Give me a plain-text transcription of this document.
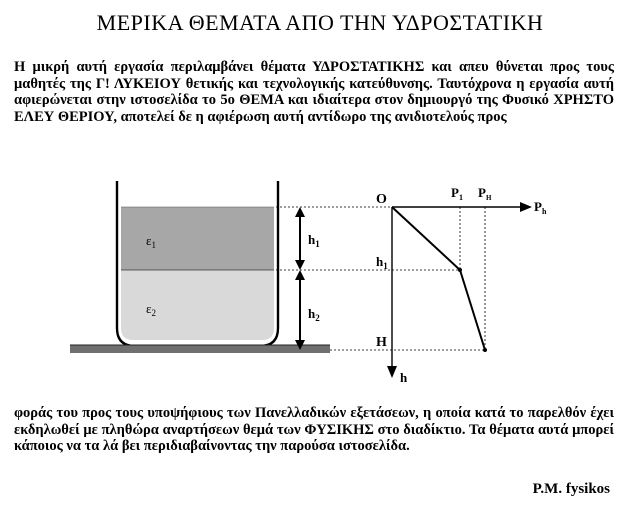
ΜΕΡΙΚΑ ΘΕΜΑΤΑ ΑΠΟ ΤΗΝ ΥΔΡΟΣΤΑΤΙΚΗ

Η μικρή αυτή εργασία περιλαμβάνει θέματα ΥΔΡΟΣΤΑΤΙΚΗΣ και απευ θύνεται προς τους μαθητές της Γ! ΛΥΚΕΙΟΥ θετικής και τεχνολογικής κατεύθυνσης. Ταυτόχρονα η εργασία αυτή αφιερώνεται στην ιστοσελίδα το 5ο ΘΕΜΑ και ιδιαίτερα στον δημιουργό της Φυσικό ΧΡΗΣΤΟ ΕΛΕΥ ΘΕΡΙΟΥ, αποτελεί δε η αφιέρωση αυτή αντίδωρο της ανιδιοτελούς προς

$\varepsilon_1$
$\varepsilon_2$
$h_1$
$h_2$
O
$h_1$
H
h
$P_1$ $P_H$
$P_h$

φοράς του προς τους υποψήφιους των Πανελλαδικών εξετάσεων, η οποία κατά το παρελθόν έχει εκδηλωθεί με πληθώρα αναρτήσεων θεμά των ΦΥΣΙΚΗΣ στο διαδίκτιο. Τα θέματα αυτά μπορεί κάποιος να τα λά βει περιδιαβαίνοντας την παρούσα ιστοσελίδα.

P.M. fysikos
